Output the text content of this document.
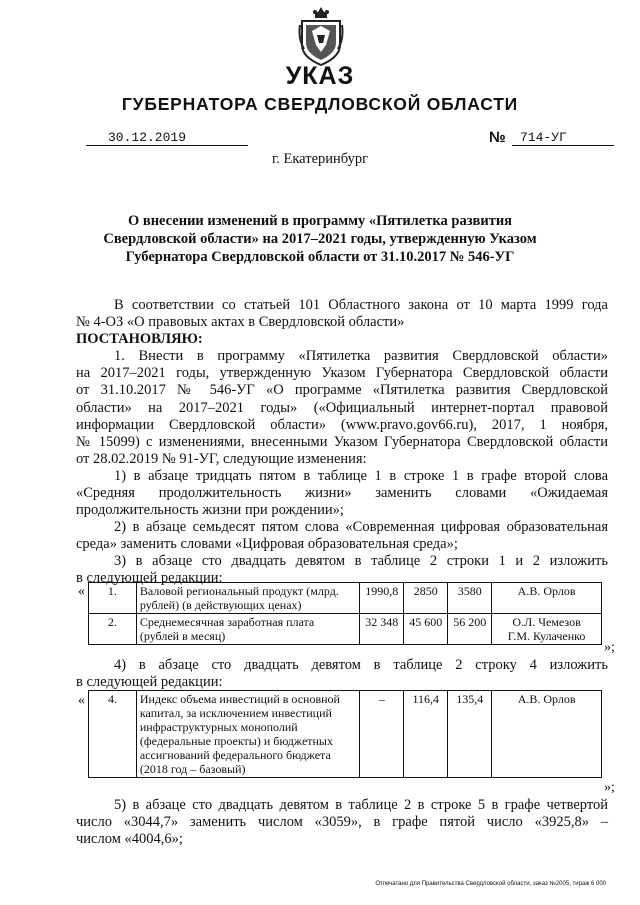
УКАЗ
ГУБЕРНАТОРА СВЕРДЛОВСКОЙ ОБЛАСТИ
30.12.2019	№	714-УГ
г. Екатеринбург
О внесении изменений в программу «Пятилетка развития Свердловской области» на 2017–2021 годы, утвержденную Указом Губернатора Свердловской области от 31.10.2017 № 546-УГ
В соответствии со статьей 101 Областного закона от 10 марта 1999 года
№ 4-ОЗ «О правовых актах в Свердловской области»
ПОСТАНОВЛЯЮ:
1. Внести в программу «Пятилетка развития Свердловской области»
на 2017–2021 годы, утвержденную Указом Губернатора Свердловской области
от 31.10.2017 № 546-УГ «О программе «Пятилетка развития Свердловской
области» на 2017–2021 годы» («Официальный интернет-портал правовой
информации Свердловской области» (www.pravo.gov66.ru), 2017, 1 ноября,
№ 15099) с изменениями, внесенными Указом Губернатора Свердловской области
от 28.02.2019 № 91-УГ, следующие изменения:
1) в абзаце тридцать пятом в таблице 1 в строке 1 в графе второй слова
«Средняя продолжительность жизни» заменить словами «Ожидаемая
продолжительность жизни при рождении»;
2) в абзаце семьдесят пятом слова «Современная цифровая образовательная
среда» заменить словами «Цифровая образовательная среда»;
3) в абзаце сто двадцать девятом в таблице 2 строки 1 и 2 изложить
в следующей редакции:
« 1.	Валовой региональный продукт (млрд. рублей) (в действующих ценах)	1990,8	2850	3580	А.В. Орлов
2.	Среднемесячная заработная плата (рублей в месяц)	32 348	45 600	56 200	О.Л. Чемезов
Г.М. Кулаченко
»;
4) в абзаце сто двадцать девятом в таблице 2 строку 4 изложить
в следующей редакции:
« 4.	Индекс объема инвестиций в основной капитал, за исключением инвестиций инфраструктурных монополий (федеральные проекты) и бюджетных ассигнований федерального бюджета (2018 год – базовый)	–	116,4	135,4	А.В. Орлов
»;
5) в абзаце сто двадцать девятом в таблице 2 в строке 5 в графе четвертой
число «3044,7» заменить числом «3059», в графе пятой число «3925,8» –
числом «4004,6»;
Отпечатано для Правительства Свердловской области, заказ №2005, тираж 6 000
